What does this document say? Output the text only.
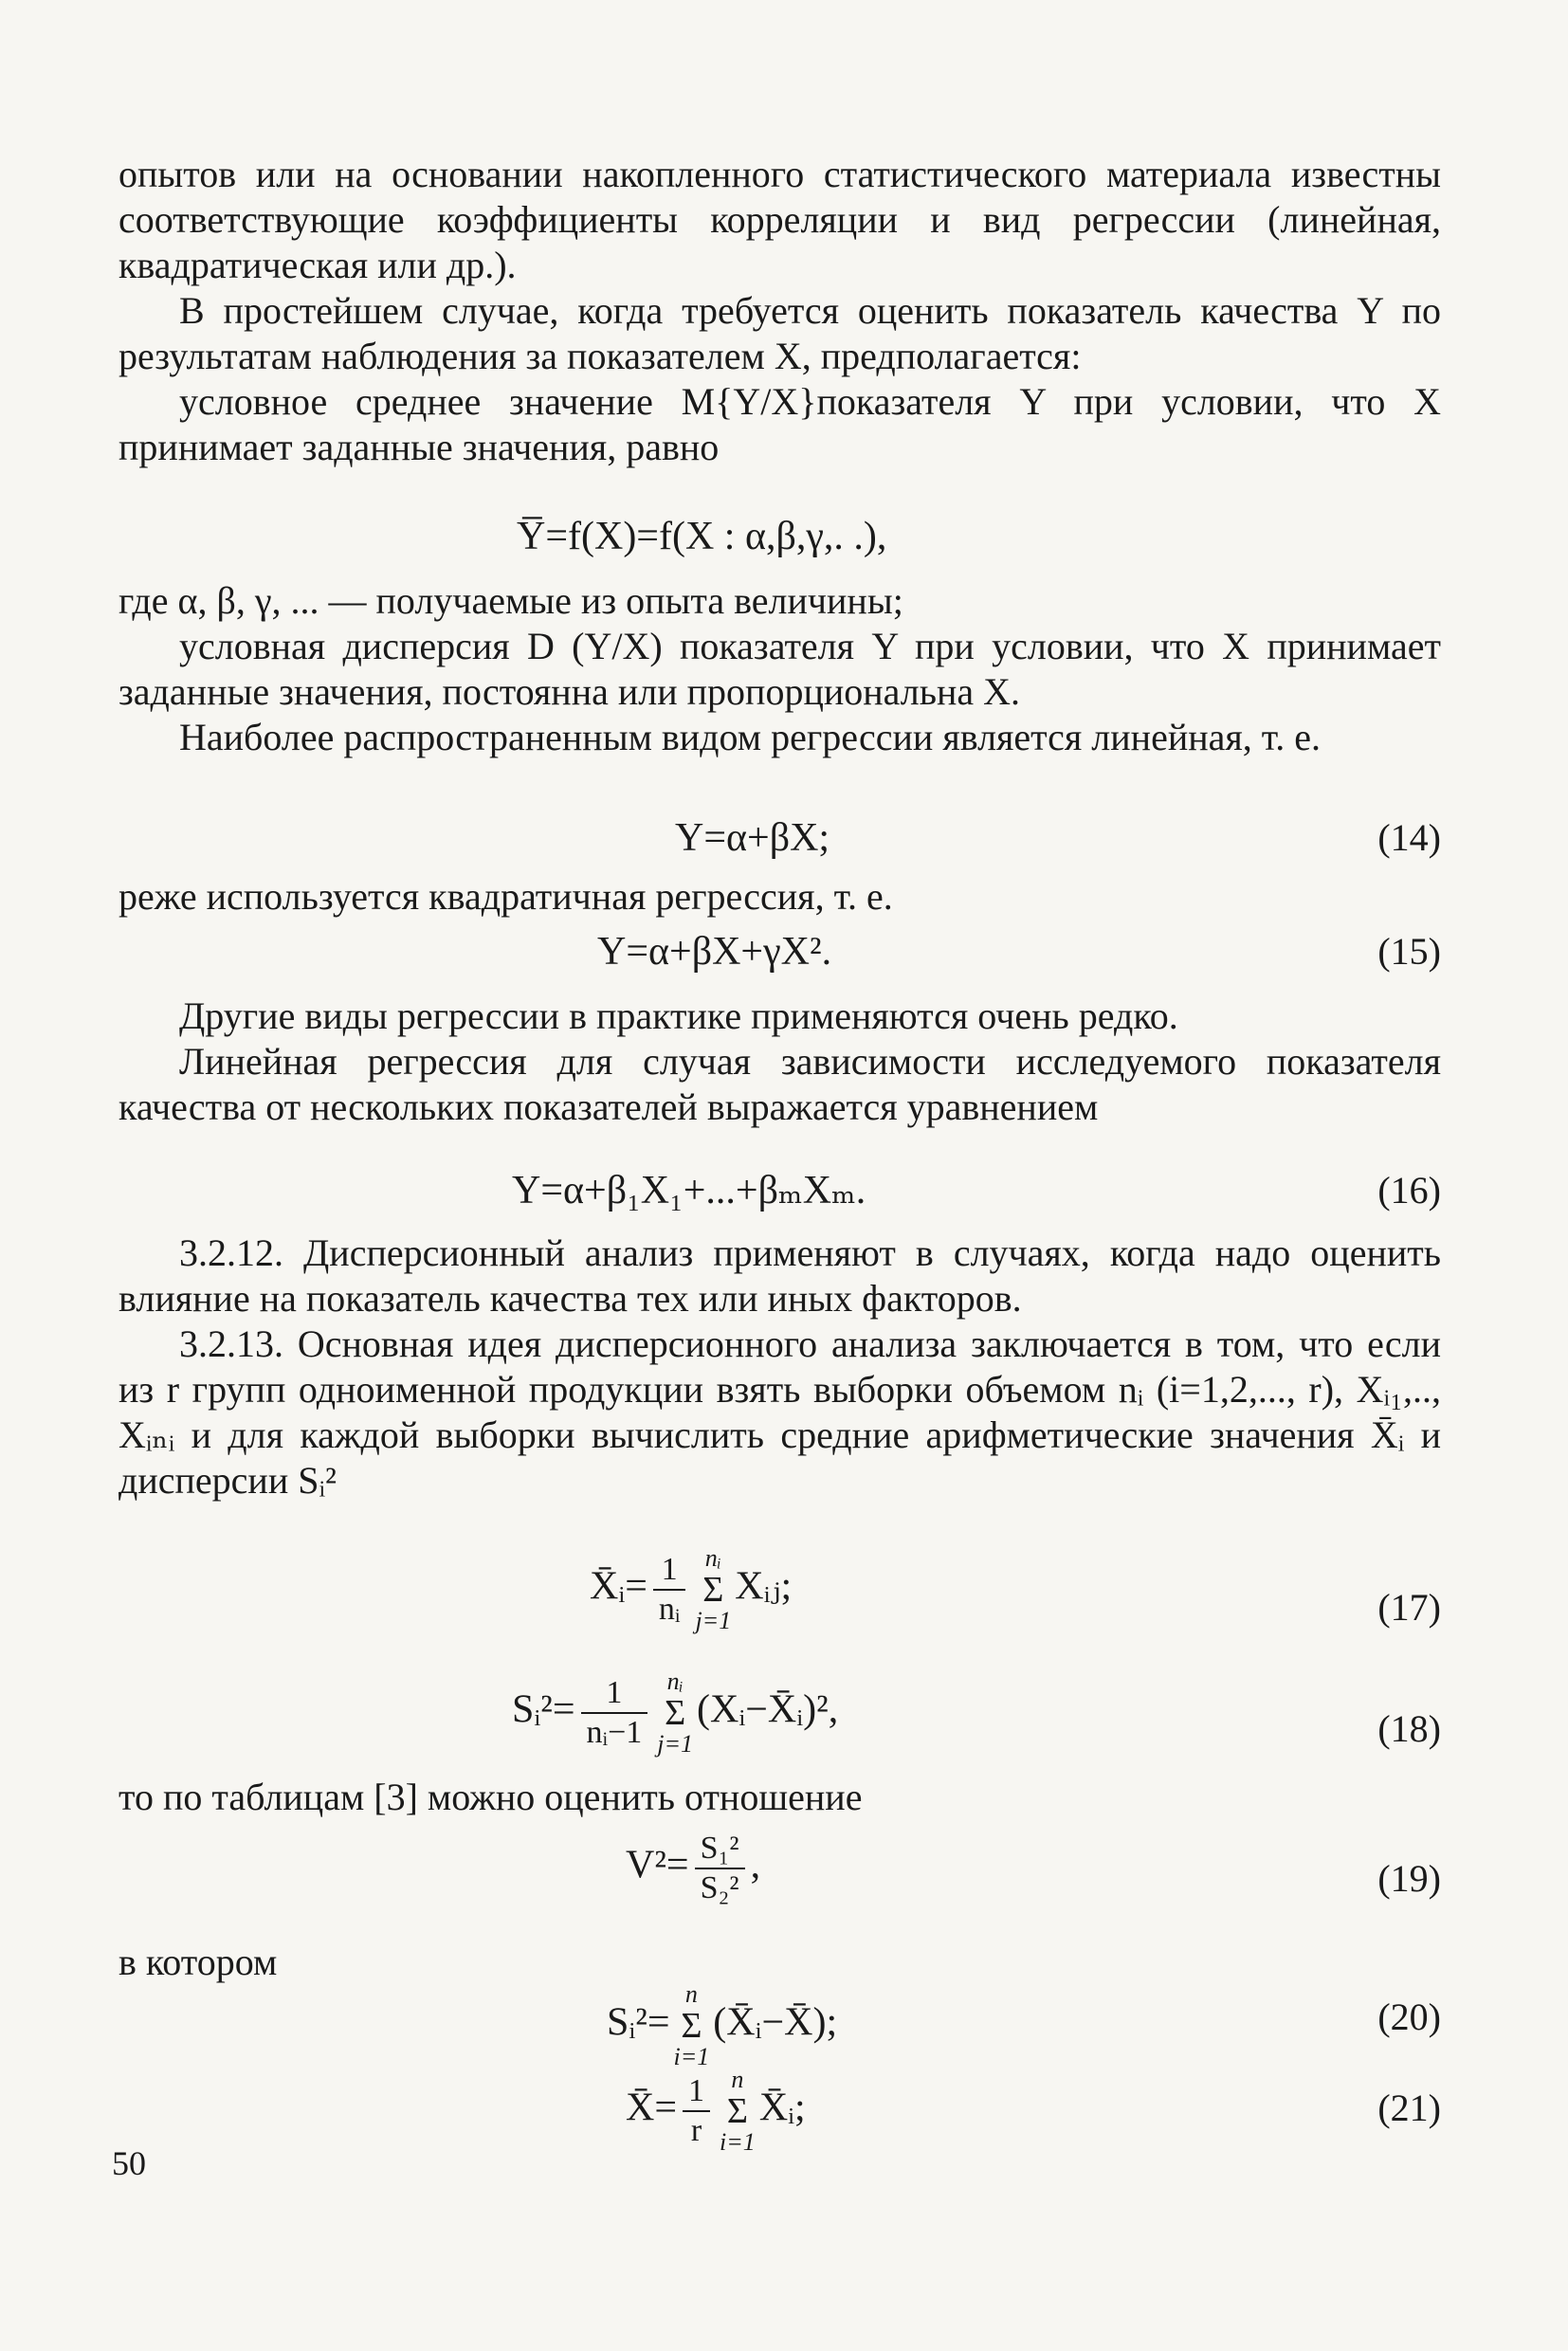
опытов или на основании накопленного статистического материала известны соответствующие коэффициенты корреляции и вид регрессии (линейная, квадратическая или др.).

В простейшем случае, когда требуется оценить показатель качества Y по результатам наблюдения за показателем X, предполагается:

условное среднее значение M{Y/X}показателя Y при условии, что X принимает заданные значения, равно

Y̅=f(X)=f(X : α,β,γ,. .),

где α, β, γ, ... — получаемые из опыта величины;

условная дисперсия D (Y/X) показателя Y при условии, что X принимает заданные значения, постоянна или пропорциональна X.

Наиболее распространенным видом регрессии является линейная, т. е.

Y=α+βX;	(14)

реже используется квадратичная регрессия, т. е.

Y=α+βX+γX².	(15)

Другие виды регрессии в практике применяются очень редко.

Линейная регрессия для случая зависимости исследуемого показателя качества от нескольких показателей выражается уравнением

Y=α+β₁X₁+...+βₘXₘ.	(16)

3.2.12. Дисперсионный анализ применяют в случаях, когда надо оценить влияние на показатель качества тех или иных факторов.

3.2.13. Основная идея дисперсионного анализа заключается в том, что если из r групп одноименной продукции взять выборки объемом nᵢ (i=1,2,..., r), Xᵢ₁,.., Xᵢₙᵢ и для каждой выборки вычислить средние арифметические значения X̄ᵢ и дисперсии Sᵢ²

X̄ᵢ= $\frac{1}{\text{nᵢ}}$ nᵢ
Σ
j=1
Xᵢⱼ;	(17)
Sᵢ²= $\frac{1}{\text{nᵢ−1}}$ nᵢ
Σ
j=1
(Xᵢ−X̄ᵢ)²,	(18)

то по таблицам [3] можно оценить отношение

$V^2= \frac{\text{S₁²}}{\text{S₂²}}$ ,	(19)

в котором

Sᵢ²=
n
Σ
i=1
(X̄ᵢ−X̄);	(20)
X̄= $\frac{1}{r}$ n
Σ
i=1
X̄ᵢ;	(21)
50
